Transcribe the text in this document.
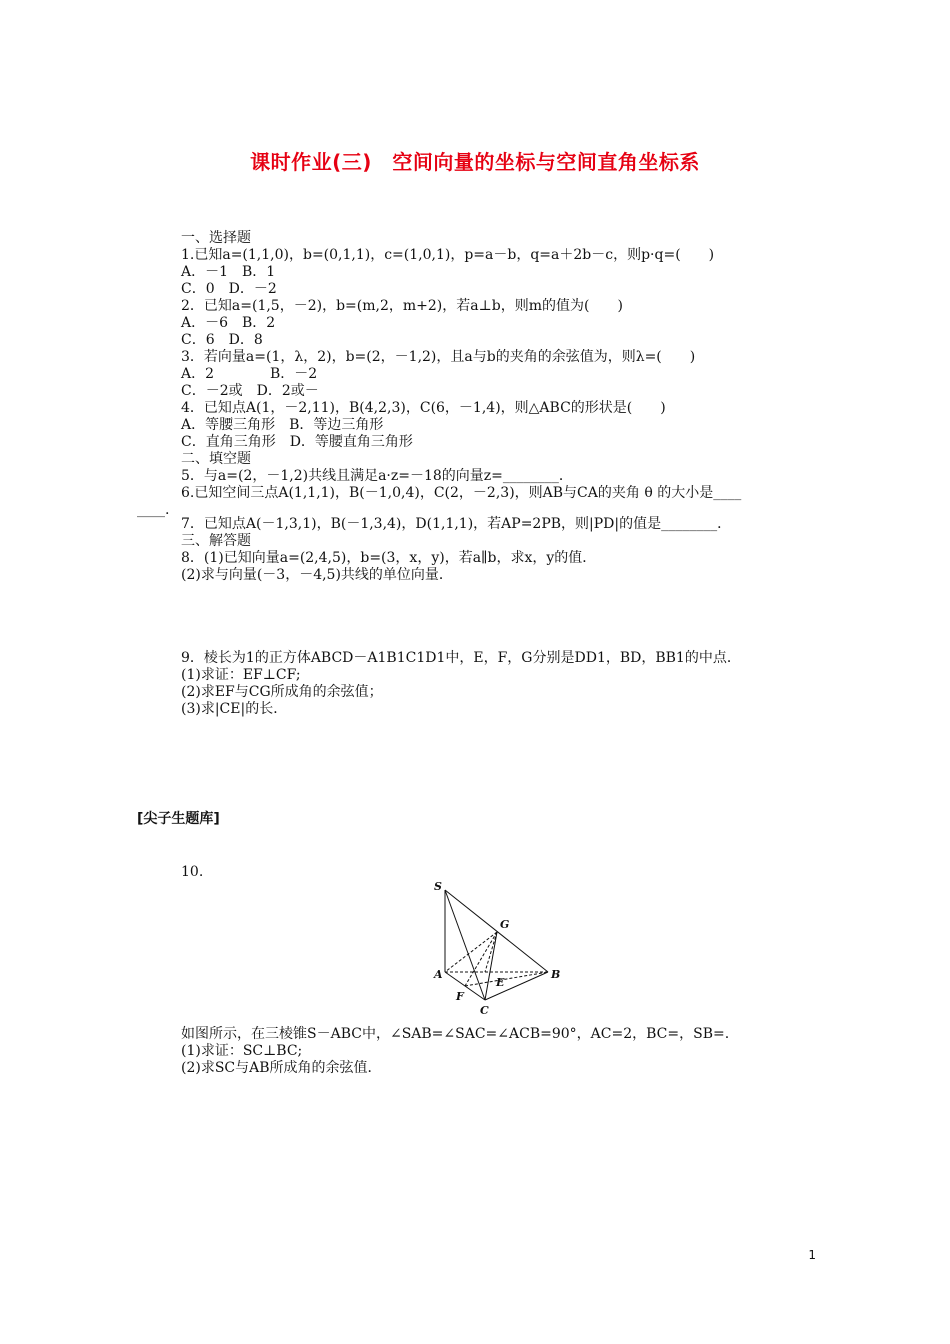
课时作业(三)　空间向量的坐标与空间直角坐标系
一、选择题
1.已知a=(1,1,0)，b=(0,1,1)，c=(1,0,1)，p=a－b，q=a＋2b－c，则p·q=(　　)
A．－1　B．1
C．0　D．－2
2．已知a=(1,5，－2)，b=(m,2，m+2)，若a⊥b，则m的值为(　　)
A．－6　B．2
C．6　D．8
3．若向量a=(1，λ，2)，b=(2，－1,2)，且a与b的夹角的余弦值为，则λ=(　　)
A．2　　　　B．－2
C．－2或　D．2或－
4．已知点A(1，－2,11)，B(4,2,3)，C(6，－1,4)，则△ABC的形状是(　　)
A．等腰三角形　B．等边三角形
C．直角三角形　D．等腰直角三角形
二、填空题
5．与a=(2，－1,2)共线且满足a·z=－18的向量z=________．
6.已知空间三点A(1,1,1)，B(－1,0,4)，C(2，－2,3)，则AB与CA的夹角 θ 的大小是____
____.
7．已知点A(－1,3,1)，B(－1,3,4)，D(1,1,1)，若AP=2PB，则|PD|的值是________．
三、解答题
8．(1)已知向量a=(2,4,5)，b=(3，x，y)，若a∥b，求x，y的值．
(2)求与向量(－3，－4,5)共线的单位向量．
9．棱长为1的正方体ABCD－A1B1C1D1中，E，F，G分别是DD1，BD，BB1的中点．
(1)求证：EF⊥CF;
(2)求EF与CG所成角的余弦值；
(3)求|CE|的长．
[尖子生题库]
10.
S
G
A	B
E
F
C
如图所示，在三棱锥S－ABC中，∠SAB=∠SAC=∠ACB=90°，AC=2，BC=，SB=.
(1)求证：SC⊥BC;
(2)求SC与AB所成角的余弦值．
1
